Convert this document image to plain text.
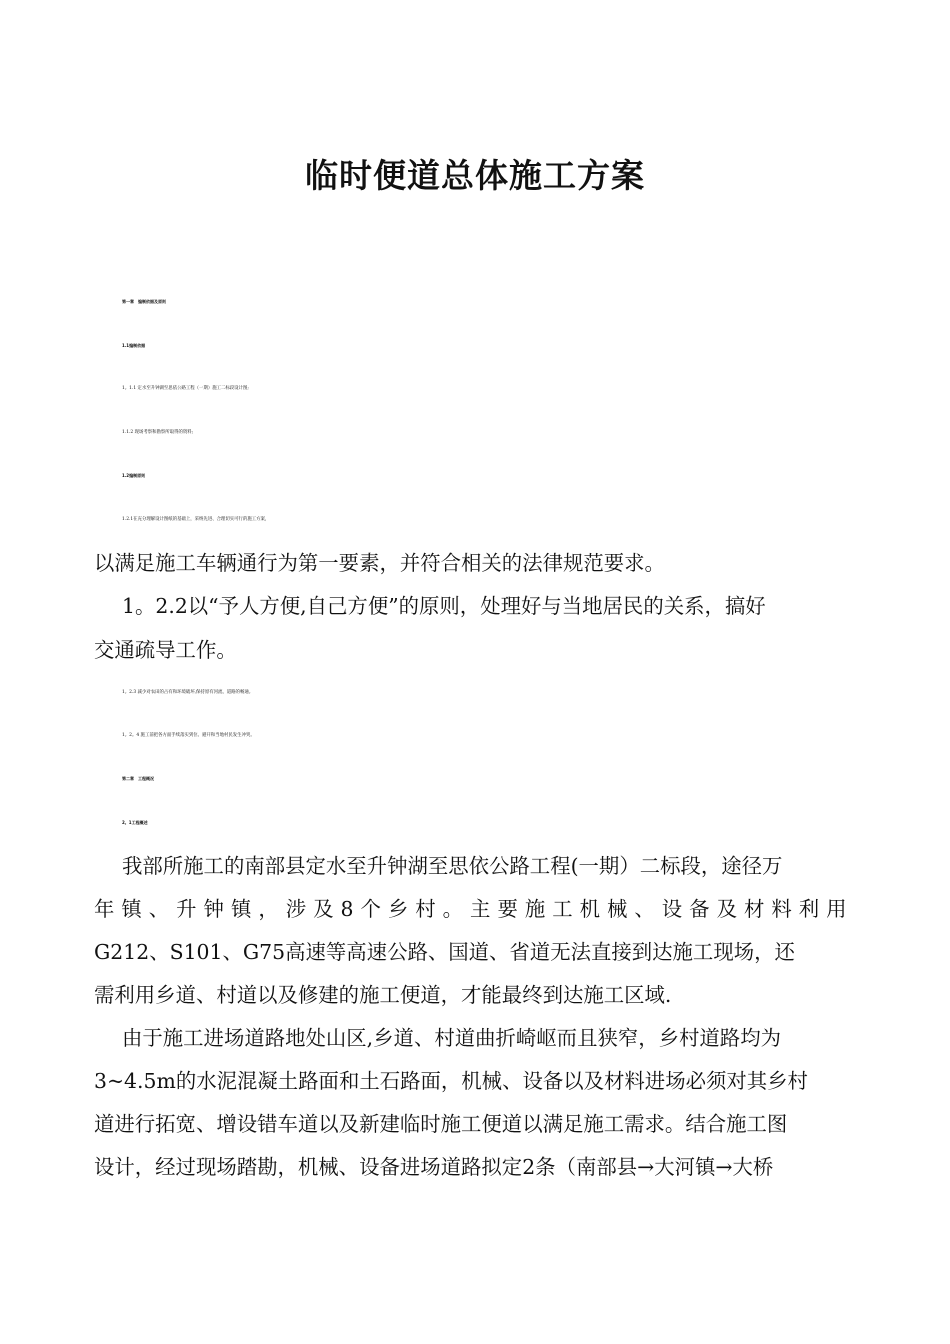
临时便道总体施工方案
第一章　编制依据及原则
1.1编制依据
1。1.1 定水至升钟湖至思依公路工程（一期）施工二标段设计图;
1.1.2 现场考察和勘察所取得的资料;
1.2编制原则
1.2.1在充分理解设计图纸的基础上，采纳先进、合理切实可行的施工方案，
以满足施工车辆通行为第一要素，并符合相关的法律规范要求。
1。2.2以“予人方便,自己方便”的原则，处理好与当地居民的关系，搞好
交通疏导工作。
1。2.3 减少对农田的占有和环境破坏,保持原有河流、道路的畅通。
1。2。4 施工前把各方面手续落实到位、避开和当地村民发生冲突。
第二章　工程概况
2。1工程概述
我部所施工的南部县定水至升钟湖至思依公路工程(一期）二标段，途径万
年镇、升钟镇，涉及8个乡村。主要施工机械、设备及材料利用
G212、S101、G75高速等高速公路、国道、省道无法直接到达施工现场，还
需利用乡道、村道以及修建的施工便道，才能最终到达施工区域.
由于施工进场道路地处山区,乡道、村道曲折崎岖而且狭窄，乡村道路均为
3~4.5m的水泥混凝土路面和土石路面，机械、设备以及材料进场必须对其乡村
道进行拓宽、增设错车道以及新建临时施工便道以满足施工需求。结合施工图
设计，经过现场踏勘，机械、设备进场道路拟定2条（南部县→大河镇→大桥
